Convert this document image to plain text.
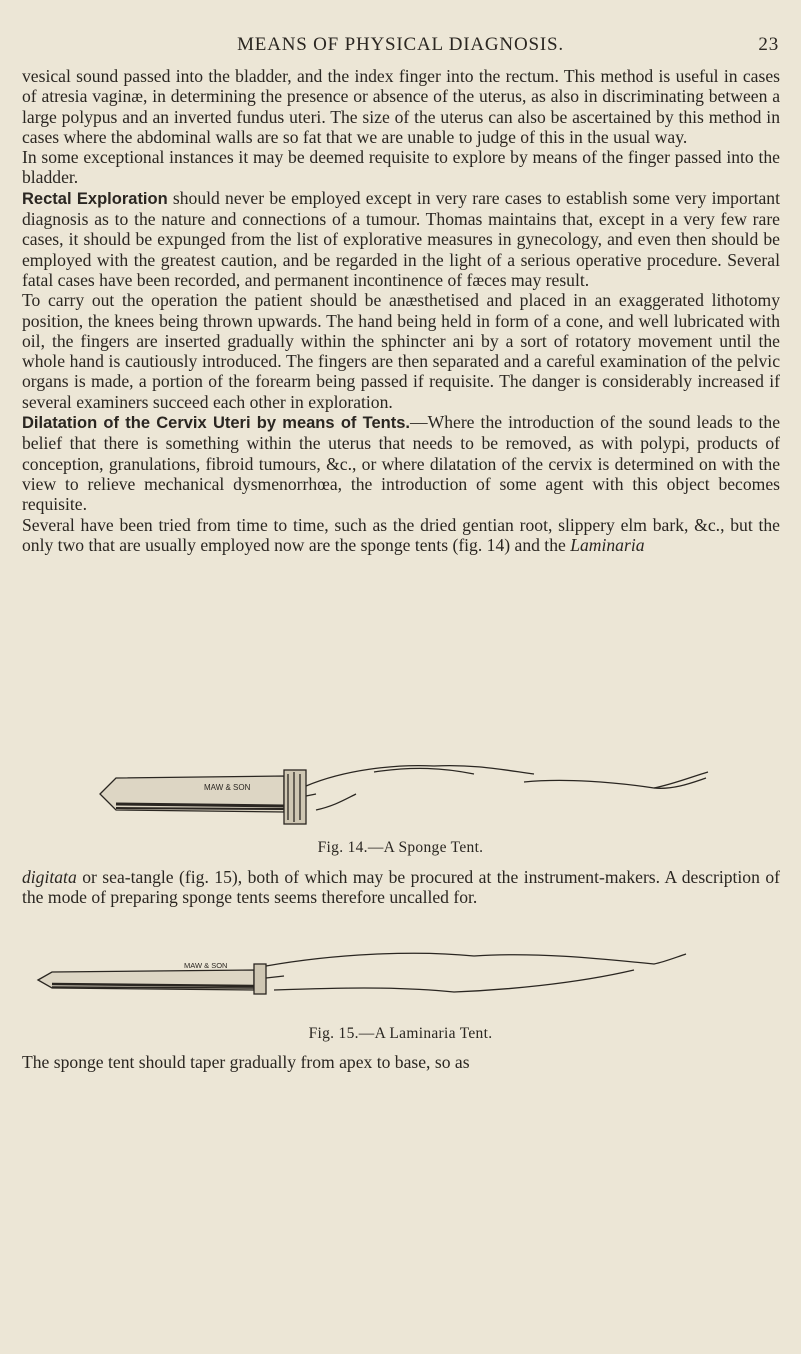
MEANS OF PHYSICAL DIAGNOSIS.	23

vesical sound passed into the bladder, and the index finger into the rectum. This method is useful in cases of atresia vaginæ, in determining the presence or absence of the uterus, as also in discriminating between a large polypus and an inverted fundus uteri. The size of the uterus can also be ascertained by this method in cases where the abdominal walls are so fat that we are unable to judge of this in the usual way.

In some exceptional instances it may be deemed requisite to explore by means of the finger passed into the bladder.

Rectal Exploration should never be employed except in very rare cases to establish some very important diagnosis as to the nature and connections of a tumour. Thomas maintains that, except in a very few rare cases, it should be expunged from the list of explorative measures in gynecology, and even then should be employed with the greatest caution, and be regarded in the light of a serious operative procedure. Several fatal cases have been recorded, and permanent incontinence of fæces may result.

To carry out the operation the patient should be anæsthetised and placed in an exaggerated lithotomy position, the knees being thrown upwards. The hand being held in form of a cone, and well lubricated with oil, the fingers are inserted gradually within the sphincter ani by a sort of rotatory movement until the whole hand is cautiously introduced. The fingers are then separated and a careful examination of the pelvic organs is made, a portion of the forearm being passed if requisite. The danger is considerably increased if several examiners succeed each other in exploration.

Dilatation of the Cervix Uteri by means of Tents.—Where the introduction of the sound leads to the belief that there is something within the uterus that needs to be removed, as with polypi, products of conception, granulations, fibroid tumours, &c., or where dilatation of the cervix is determined on with the view to relieve mechanical dysmenorrhœa, the introduction of some agent with this object becomes requisite.

Several have been tried from time to time, such as the dried gentian root, slippery elm bark, &c., but the only two that are usually employed now are the sponge tents (fig. 14) and the Laminaria

MAW & SON
Fig. 14.—A Sponge Tent.

digitata or sea-tangle (fig. 15), both of which may be procured at the instrument-makers. A description of the mode of preparing sponge tents seems therefore uncalled for.

MAW & SON
Fig. 15.—A Laminaria Tent.

The sponge tent should taper gradually from apex to base, so as
